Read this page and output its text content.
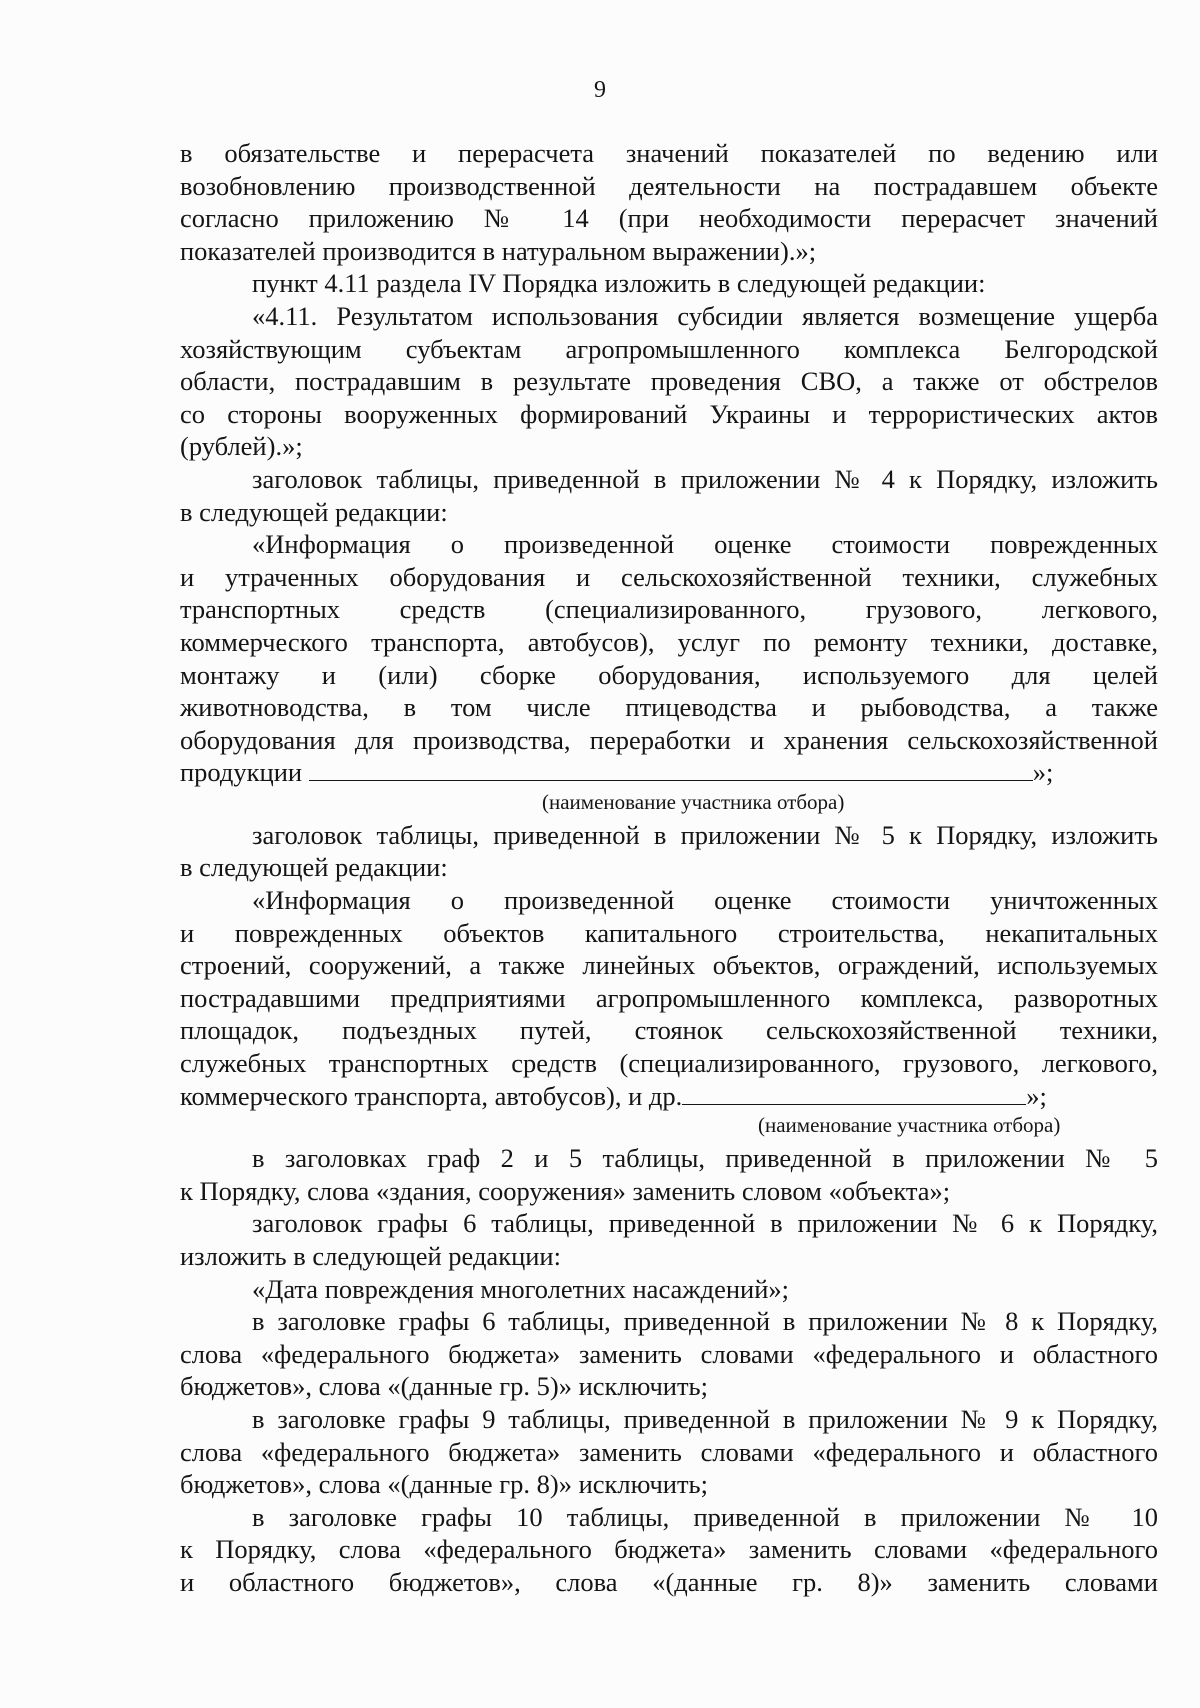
9
в обязательстве и перерасчета значений показателей по ведению или
возобновлению производственной деятельности на пострадавшем объекте
согласно приложению № 14 (при необходимости перерасчет значений
показателей производится в натуральном выражении).»;
пункт 4.11 раздела IV Порядка изложить в следующей редакции:
«4.11. Результатом использования субсидии является возмещение ущерба
хозяйствующим субъектам агропромышленного комплекса Белгородской
области, пострадавшим в результате проведения СВО, а также от обстрелов
со стороны вооруженных формирований Украины и террористических актов
(рублей).»;
заголовок таблицы, приведенной в приложении № 4 к Порядку, изложить
в следующей редакции:
«Информация о произведенной оценке стоимости поврежденных
и утраченных оборудования и сельскохозяйственной техники, служебных
транспортных средств (специализированного, грузового, легкового,
коммерческого транспорта, автобусов), услуг по ремонту техники, доставке,
монтажу и (или) сборке оборудования, используемого для целей
животноводства, в том числе птицеводства и рыбоводства, а также
оборудования для производства, переработки и хранения сельскохозяйственной
продукции	»;
(наименование участника отбора)
заголовок таблицы, приведенной в приложении № 5 к Порядку, изложить
в следующей редакции:
«Информация о произведенной оценке стоимости уничтоженных
и поврежденных объектов капитального строительства, некапитальных
строений, сооружений, а также линейных объектов, ограждений, используемых
пострадавшими предприятиями агропромышленного комплекса, разворотных
площадок, подъездных путей, стоянок сельскохозяйственной техники,
служебных транспортных средств (специализированного, грузового, легкового,
коммерческого транспорта, автобусов), и др.	»;
(наименование участника отбора)
в заголовках граф 2 и 5 таблицы, приведенной в приложении № 5
к Порядку, слова «здания, сооружения» заменить словом «объекта»;
заголовок графы 6 таблицы, приведенной в приложении № 6 к Порядку,
изложить в следующей редакции:
«Дата повреждения многолетних насаждений»;
в заголовке графы 6 таблицы, приведенной в приложении № 8 к Порядку,
слова «федерального бюджета» заменить словами «федерального и областного
бюджетов», слова «(данные гр. 5)» исключить;
в заголовке графы 9 таблицы, приведенной в приложении № 9 к Порядку,
слова «федерального бюджета» заменить словами «федерального и областного
бюджетов», слова «(данные гр. 8)» исключить;
в заголовке графы 10 таблицы, приведенной в приложении № 10
к Порядку, слова «федерального бюджета» заменить словами «федерального
и областного бюджетов», слова «(данные гр. 8)» заменить словами
